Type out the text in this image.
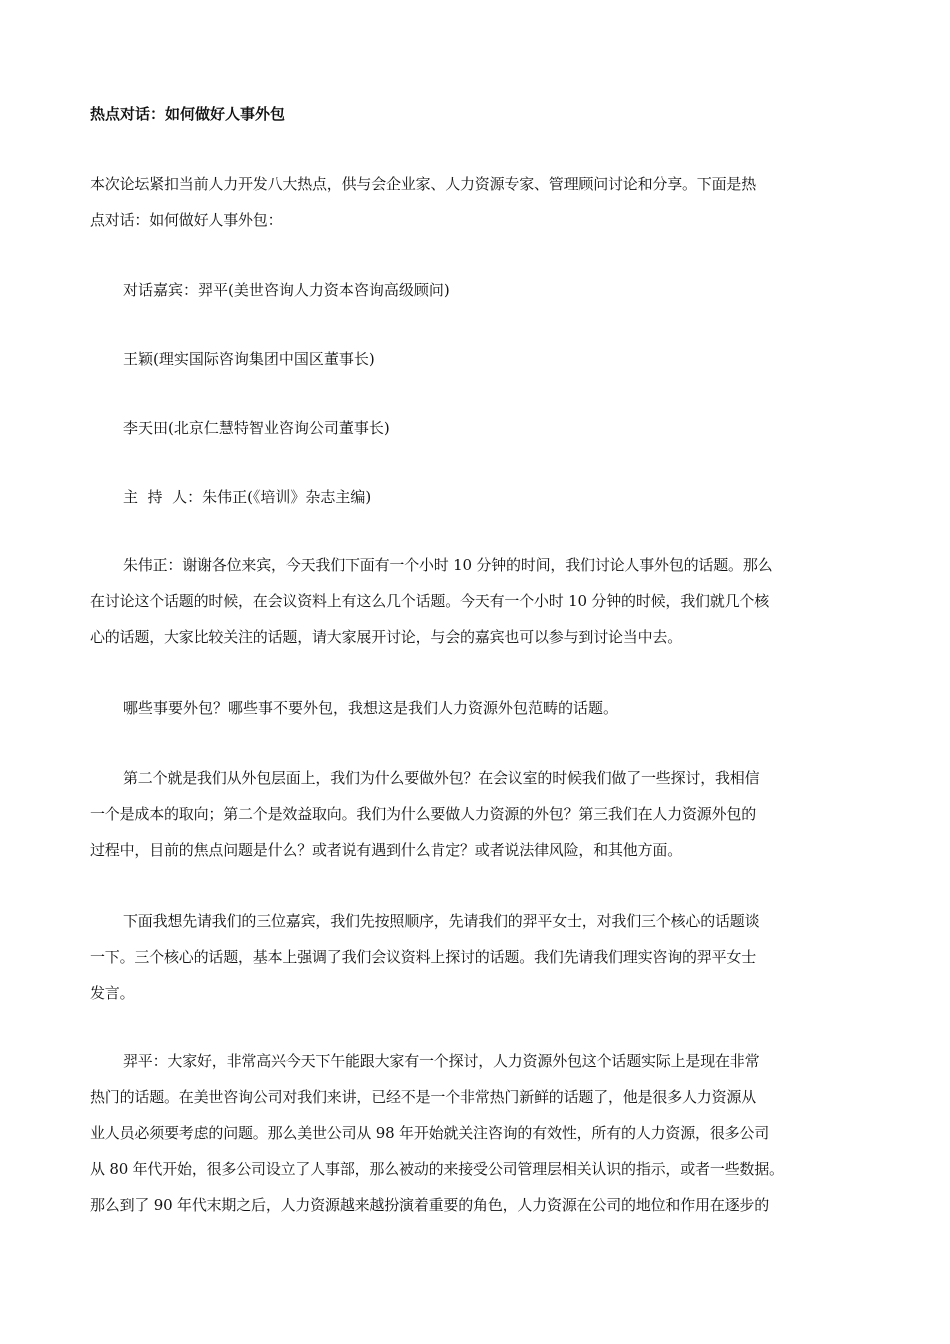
热点对话：如何做好人事外包
本次论坛紧扣当前人力开发八大热点，供与会企业家、人力资源专家、管理顾问讨论和分享。下面是热
点对话：如何做好人事外包：
对话嘉宾：羿平(美世咨询人力资本咨询高级顾问)
王颖(理实国际咨询集团中国区董事长)
李天田(北京仁慧特智业咨询公司董事长)
主  持  人：朱伟正(《培训》杂志主编)
朱伟正：谢谢各位来宾，今天我们下面有一个小时 10 分钟的时间，我们讨论人事外包的话题。那么
在讨论这个话题的时候，在会议资料上有这么几个话题。今天有一个小时 10 分钟的时候，我们就几个核
心的话题，大家比较关注的话题，请大家展开讨论，与会的嘉宾也可以参与到讨论当中去。
哪些事要外包？哪些事不要外包，我想这是我们人力资源外包范畴的话题。
第二个就是我们从外包层面上，我们为什么要做外包？在会议室的时候我们做了一些探讨，我相信
一个是成本的取向；第二个是效益取向。我们为什么要做人力资源的外包？第三我们在人力资源外包的
过程中，目前的焦点问题是什么？或者说有遇到什么肯定？或者说法律风险，和其他方面。
下面我想先请我们的三位嘉宾，我们先按照顺序，先请我们的羿平女士，对我们三个核心的话题谈
一下。三个核心的话题，基本上强调了我们会议资料上探讨的话题。我们先请我们理实咨询的羿平女士
发言。
羿平：大家好，非常高兴今天下午能跟大家有一个探讨，人力资源外包这个话题实际上是现在非常
热门的话题。在美世咨询公司对我们来讲，已经不是一个非常热门新鲜的话题了，他是很多人力资源从
业人员必须要考虑的问题。那么美世公司从 98 年开始就关注咨询的有效性，所有的人力资源，很多公司
从 80 年代开始，很多公司设立了人事部，那么被动的来接受公司管理层相关认识的指示，或者一些数据。
那么到了 90 年代末期之后，人力资源越来越扮演着重要的角色，人力资源在公司的地位和作用在逐步的
